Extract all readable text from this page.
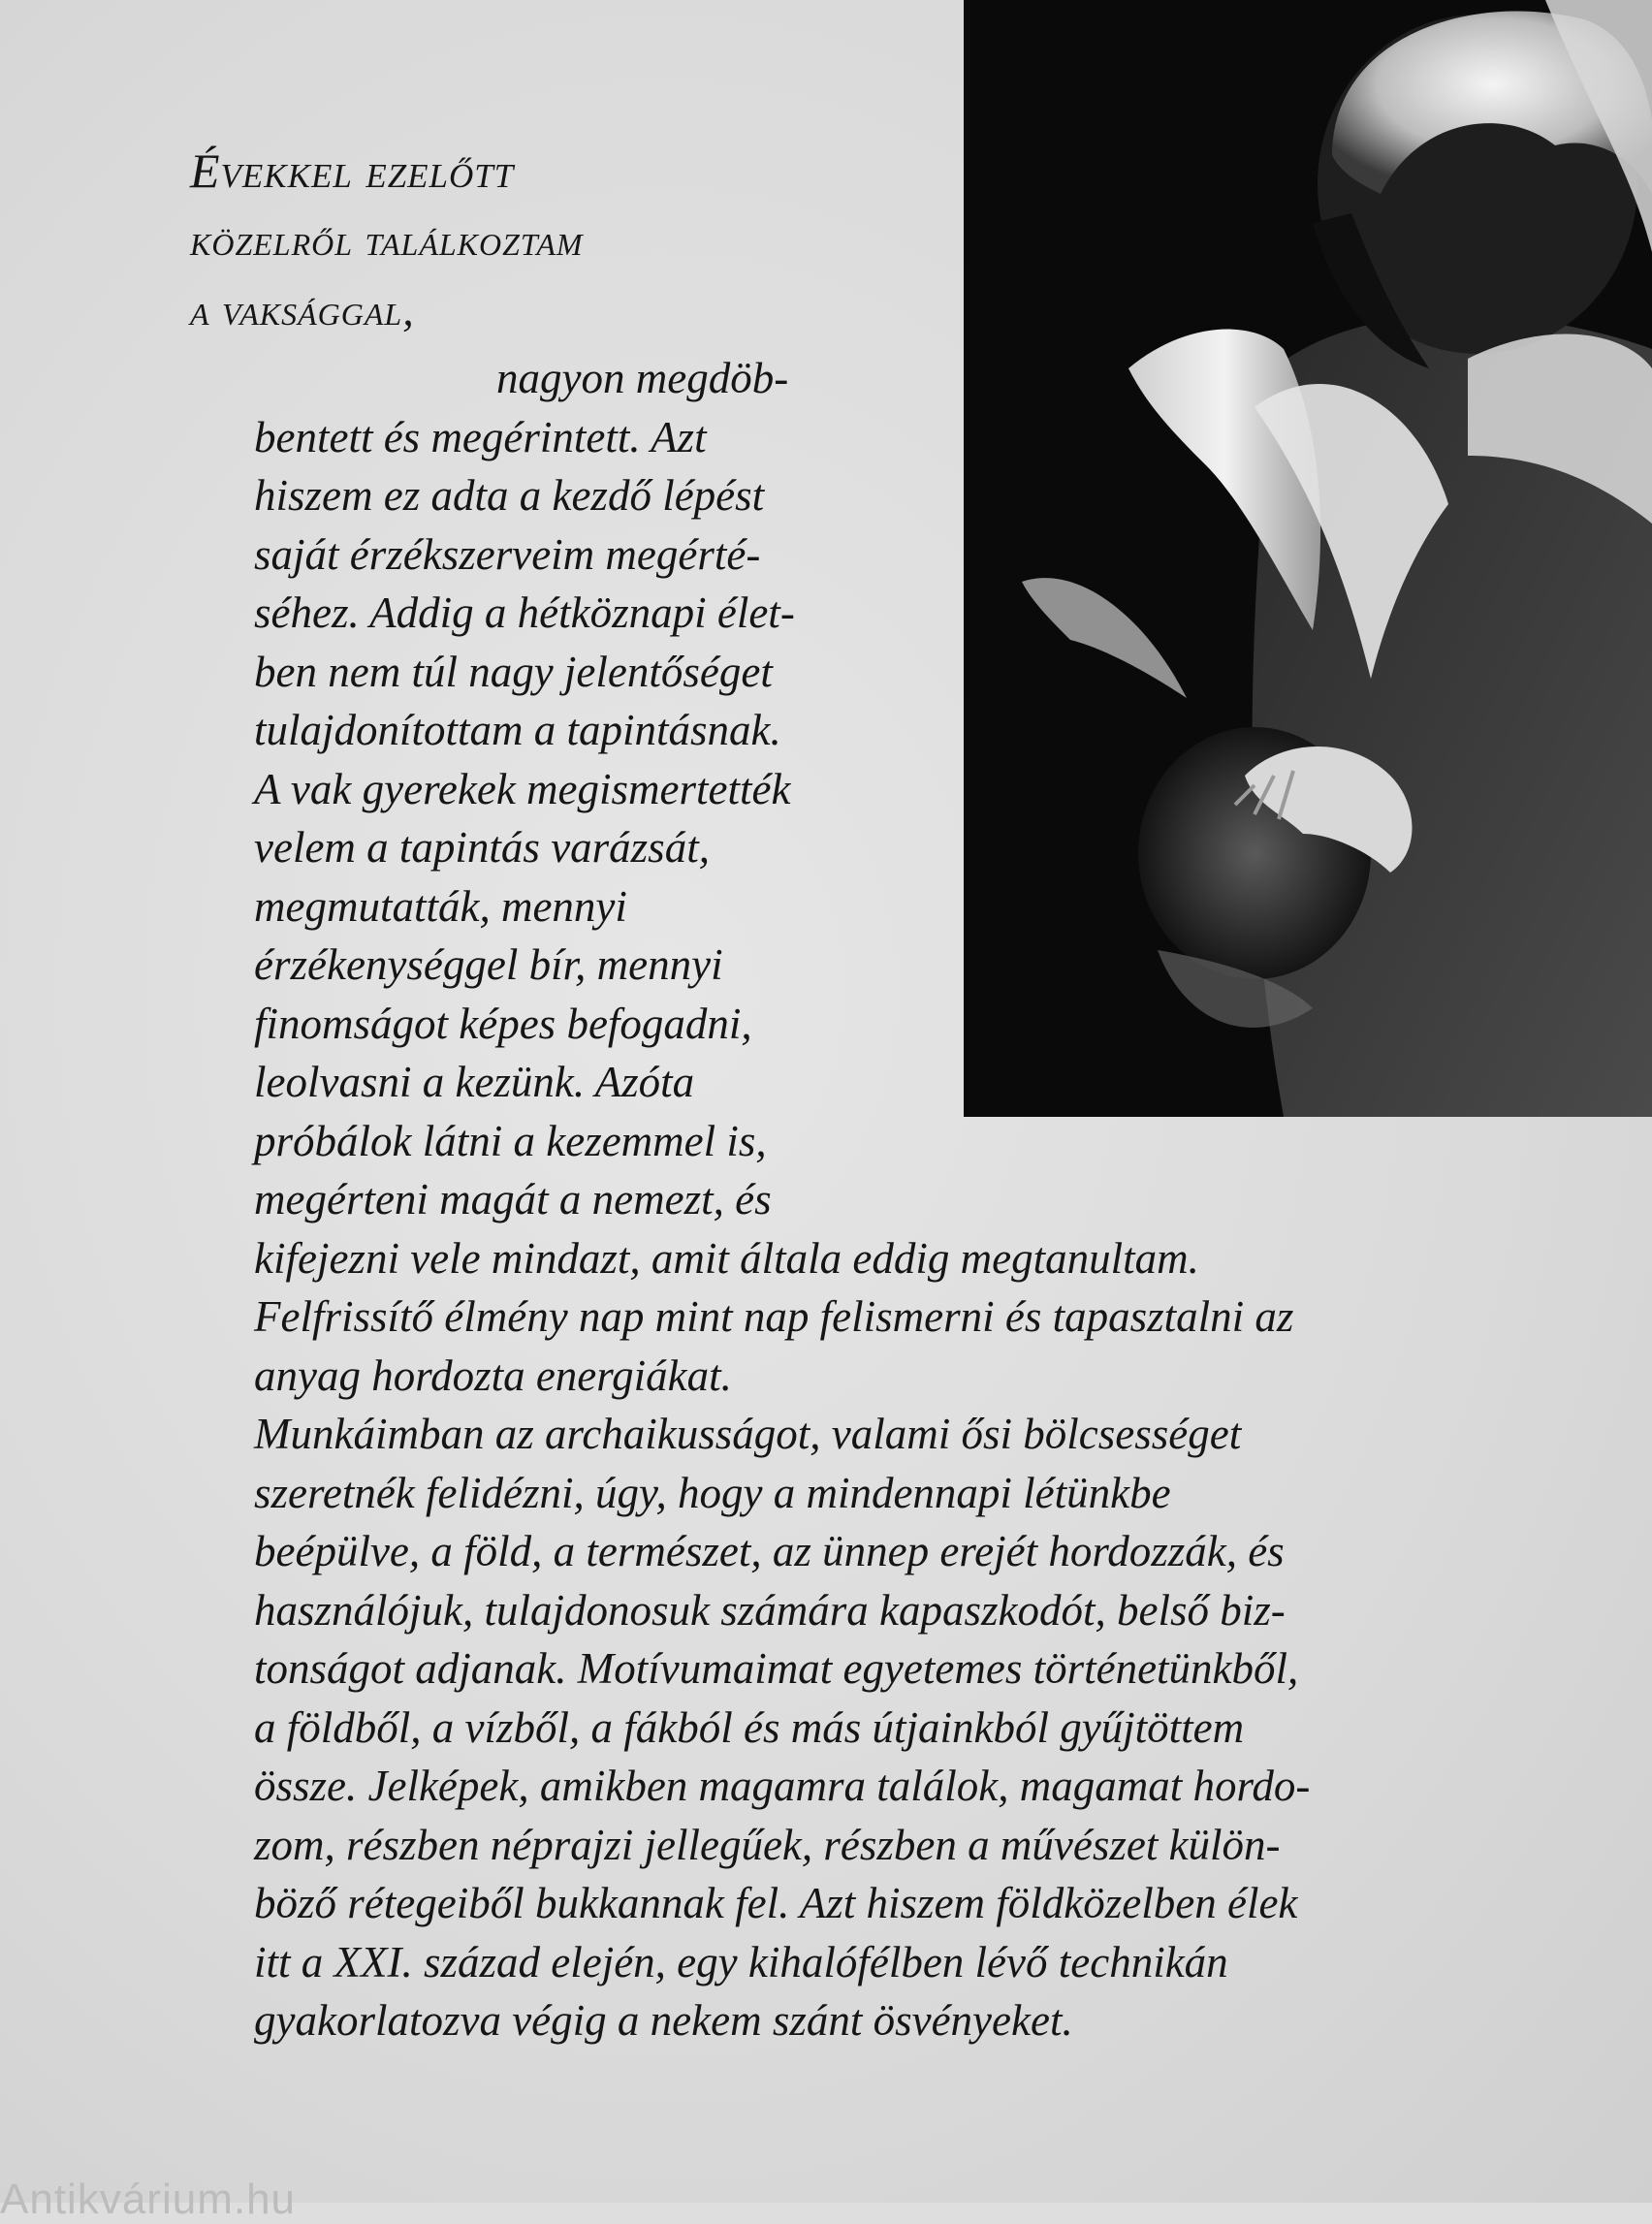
Évekkel ezelőtt
közelről találkoztam
a vaksággal,
nagyon megdöb-
bentett és megérintett. Azt
hiszem ez adta a kezdő lépést
saját érzékszerveim megérté-
séhez. Addig a hétköznapi élet-
ben nem túl nagy jelentőséget
tulajdonítottam a tapintásnak.
A vak gyerekek megismertették
velem a tapintás varázsát,
megmutatták, mennyi
érzékenységgel bír, mennyi
finomságot képes befogadni,
leolvasni a kezünk. Azóta
próbálok látni a kezemmel is,
megérteni magát a nemezt, és
kifejezni vele mindazt, amit általa eddig megtanultam.
Felfrissítő élmény nap mint nap felismerni és tapasztalni az
anyag hordozta energiákat.
Munkáimban az archaikusságot, valami ősi bölcsességet
szeretnék felidézni, úgy, hogy a mindennapi létünkbe
beépülve, a föld, a természet, az ünnep erejét hordozzák, és
használójuk, tulajdonosuk számára kapaszkodót, belső biz-
tonságot adjanak. Motívumaimat egyetemes történetünkből,
a földből, a vízből, a fákból és más útjainkból gyűjtöttem
össze. Jelképek, amikben magamra találok, magamat hordo-
zom, részben néprajzi jellegűek, részben a művészet külön-
böző rétegeiből bukkannak fel. Azt hiszem földközelben élek
itt a XXI. század elején, egy kihalófélben lévő technikán
gyakorlatozva végig a nekem szánt ösvényeket.
Antikvárium.hu
